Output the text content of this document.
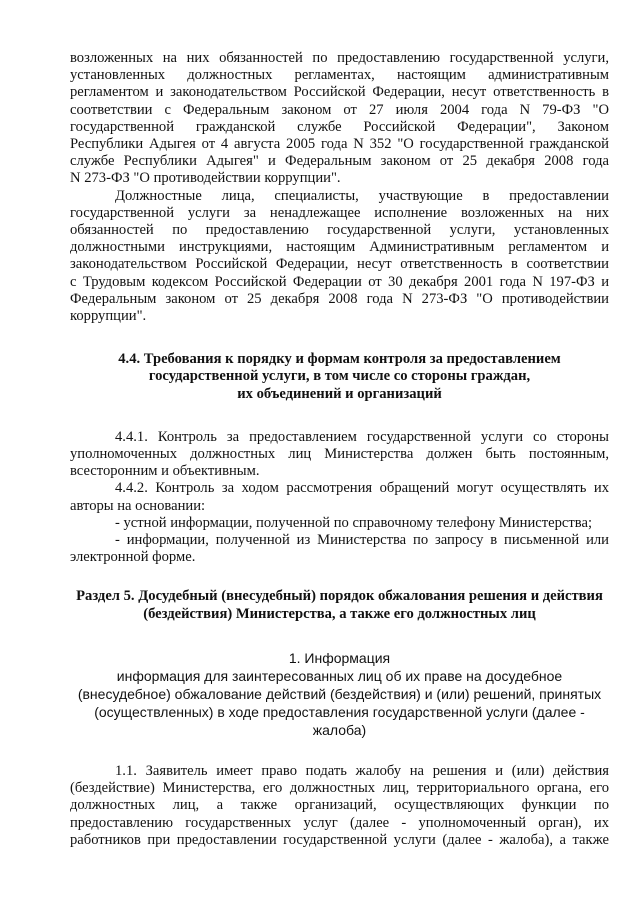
возложенных на них обязанностей по предоставлению государственной услуги,
установленных должностных регламентах, настоящим административным
регламентом и законодательством Российской Федерации, несут ответственность в
соответствии с Федеральным законом от 27 июля 2004 года N 79-ФЗ "О
государственной гражданской службе Российской Федерации", Законом
Республики Адыгея от 4 августа 2005 года N 352 "О государственной гражданской
службе Республики Адыгея" и Федеральным законом от 25 декабря 2008 года
N 273-ФЗ "О противодействии коррупции".
Должностные лица, специалисты, участвующие в предоставлении
государственной услуги за ненадлежащее исполнение возложенных на них
обязанностей по предоставлению государственной услуги, установленных
должностными инструкциями, настоящим Административным регламентом и
законодательством Российской Федерации, несут ответственность в соответствии
с Трудовым кодексом Российской Федерации от 30 декабря 2001 года N 197-ФЗ и
Федеральным законом от 25 декабря 2008 года N 273-ФЗ "О противодействии
коррупции".
4.4. Требования к порядку и формам контроля за предоставлением
государственной услуги, в том числе со стороны граждан,
их объединений и организаций
4.4.1. Контроль за предоставлением государственной услуги со стороны
уполномоченных должностных лиц Министерства должен быть постоянным,
всесторонним и объективным.
4.4.2. Контроль за ходом рассмотрения обращений могут осуществлять их
авторы на основании:
- устной информации, полученной по справочному телефону Министерства;
- информации, полученной из Министерства по запросу в письменной или
электронной форме.
Раздел 5. Досудебный (внесудебный) порядок обжалования решения и действия
(бездействия) Министерства, а также его должностных лиц
1. Информация
информация для заинтересованных лиц об их праве на досудебное
(внесудебное) обжалование действий (бездействия) и (или) решений, принятых
(осуществленных) в ходе предоставления государственной услуги (далее -
жалоба)
1.1. Заявитель имеет право подать жалобу на решения и (или) действия
(бездействие) Министерства, его должностных лиц, территориального органа, его
должностных лиц, а также организаций, осуществляющих функции по
предоставлению государственных услуг (далее - уполномоченный орган), их
работников при предоставлении государственной услуги (далее - жалоба), а также
